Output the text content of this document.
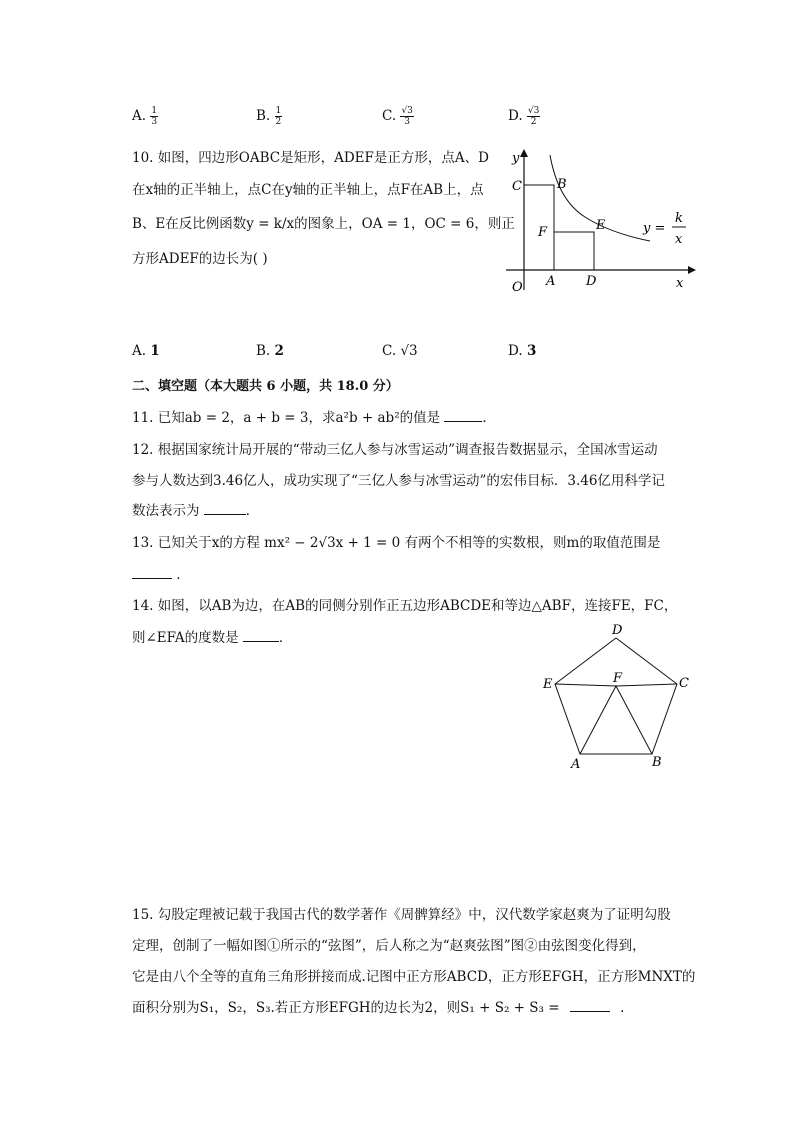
A. $\frac{1}{3}$	B. $\frac{1}{2}$	C. $\frac{√3}{3}$	D. $\frac{√3}{2}$
10. 如图，四边形OABC是矩形，ADEF是正方形，点A、D
在x轴的正半轴上，点C在y轴的正半轴上，点F在AB上，点
B、E在反比例函数y = k/x的图象上，OA = 1，OC = 6，则正
方形ADEF的边长为( )
y
C	B
F	E
O A D	x
y =
k
x
A. 1	B. 2	C. √3	D. 3
二、填空题（本大题共 6 小题，共 18.0 分）
11. 已知ab = 2，a + b = 3，求a²b + ab²的值是	．
12. 根据国家统计局开展的“带动三亿人参与冰雪运动”调查报告数据显示，全国冰雪运动
参与人数达到3.46亿人，成功实现了“三亿人参与冰雪运动”的宏伟目标．3.46亿用科学记
数法表示为	．
13. 已知关于x的方程 mx² − 2√3x + 1 = 0 有两个不相等的实数根，则m的取值范围是
．
14. 如图，以AB为边，在AB的同侧分别作正五边形ABCDE和等边△ABF，连接FE，FC，
则∠EFA的度数是	．	D
E	F	C
A	B
15. 勾股定理被记载于我国古代的数学著作《周髀算经》中，汉代数学家赵爽为了证明勾股
定理，创制了一幅如图①所示的“弦图”，后人称之为“赵爽弦图”图②由弦图变化得到，
它是由八个全等的直角三角形拼接而成.记图中正方形ABCD，正方形EFGH，正方形MNXT的
面积分别为S₁，S₂，S₃.若正方形EFGH的边长为2，则S₁ + S₂ + S₃ =	.
